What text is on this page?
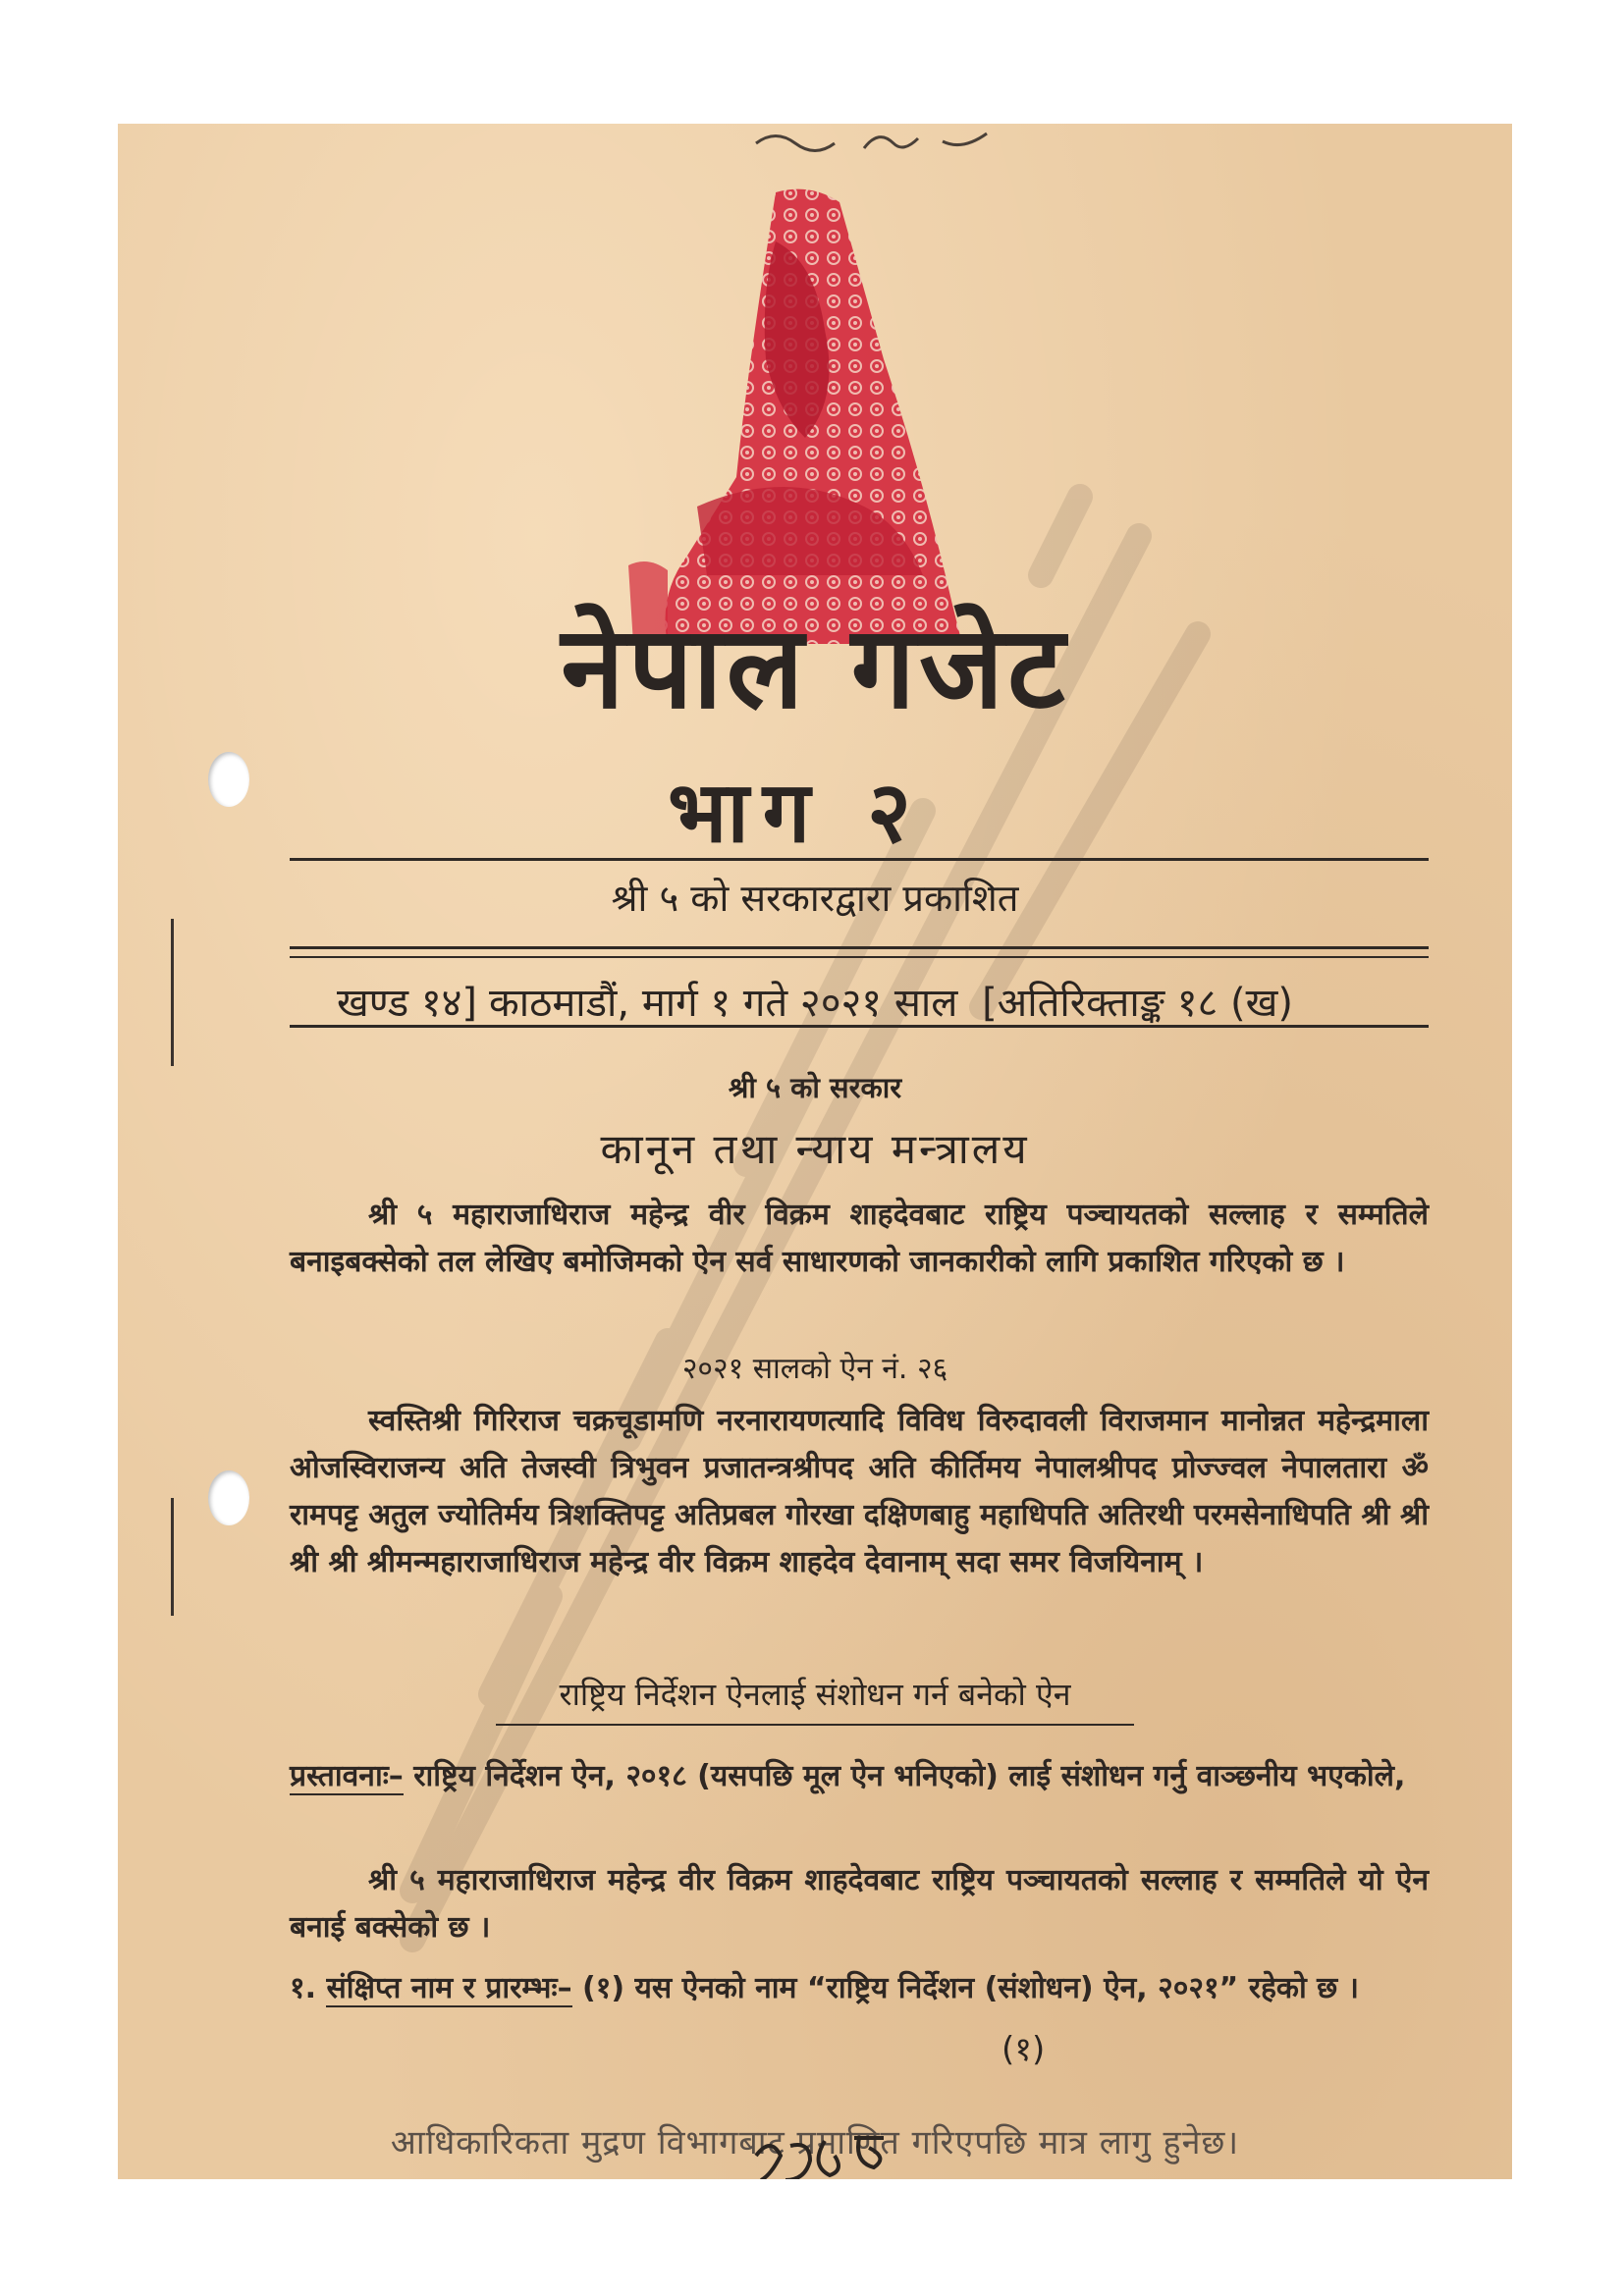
नेपाल गजेट
भाग २
श्री ५ को सरकारद्वारा प्रकाशित
खण्ड १४] काठमाडौं, मार्ग १ गते २०२१ साल [अतिरिक्ताङ्क १८ (ख)
श्री ५ को सरकार
कानून तथा न्याय मन्त्रालय
श्री ५ महाराजाधिराज महेन्द्र वीर विक्रम शाहदेवबाट राष्ट्रिय पञ्चायतको सल्लाह र सम्मतिले बनाइबक्सेको तल लेखिए बमोजिमको ऐन सर्व साधारणको जानकारीको लागि प्रकाशित गरिएको छ ।
२०२१ सालको ऐन नं. २६
स्वस्तिश्री गिरिराज चक्रचूडामणि नरनारायणत्यादि विविध विरुदावली विराजमान मानोन्नत महेन्द्रमाला ओजस्विराजन्य अति तेजस्वी त्रिभुवन प्रजातन्त्रश्रीपद अति कीर्तिमय नेपालश्रीपद प्रोज्ज्वल नेपालतारा ॐ रामपट्ट अतुल ज्योतिर्मय त्रिशक्तिपट्ट अतिप्रबल गोरखा दक्षिणबाहु महाधिपति अतिरथी परमसेनाधिपति श्री श्री श्री श्री श्रीमन्महाराजाधिराज महेन्द्र वीर विक्रम शाहदेव देवानाम् सदा समर विजयिनाम् ।
राष्ट्रिय निर्देशन ऐनलाई संशोधन गर्न बनेको ऐन
प्रस्तावनाः– राष्ट्रिय निर्देशन ऐन, २०१८ (यसपछि मूल ऐन भनिएको) लाई संशोधन गर्नु वाञ्छनीय भएकोले,
श्री ५ महाराजाधिराज महेन्द्र वीर विक्रम शाहदेवबाट राष्ट्रिय पञ्चायतको सल्लाह र सम्मतिले यो ऐन बनाई बक्सेको छ ।
१. संक्षिप्त नाम र प्रारम्भः– (१) यस ऐनको नाम “राष्ट्रिय निर्देशन (संशोधन) ऐन, २०२१” रहेको छ ।
(१)
आधिकारिकता मुद्रण विभागबाट प्रमाणित गरिएपछि मात्र लागु हुनेछ।
